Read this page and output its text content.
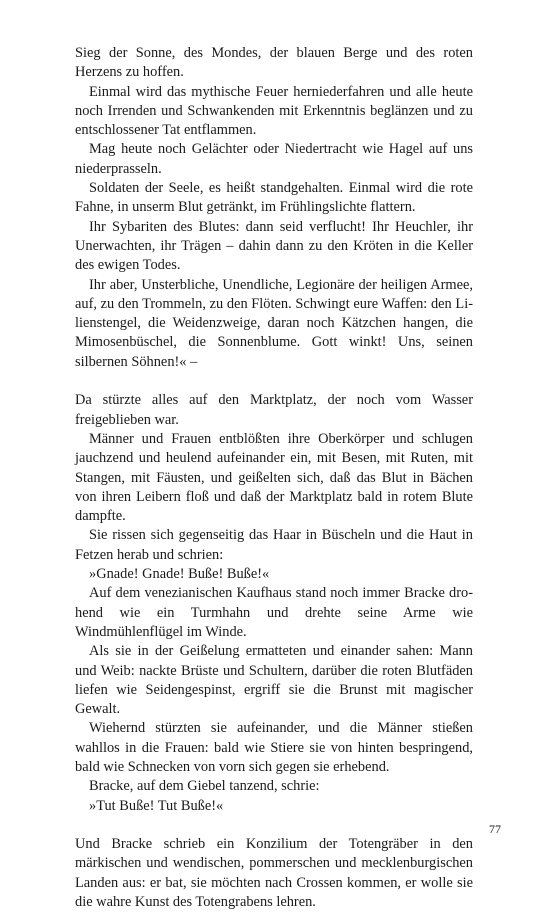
Sieg der Sonne, des Mondes, der blauen Berge und des roten Herzens zu hoffen.

Einmal wird das mythische Feuer herniederfahren und alle heute noch Irrenden und Schwankenden mit Erkenntnis beglänzen und zu entschlossener Tat entflammen.

Mag heute noch Gelächter oder Niedertracht wie Hagel auf uns niederprasseln.

Soldaten der Seele, es heißt standgehalten. Einmal wird die rote Fahne, in unserm Blut getränkt, im Frühlingslichte flattern.

Ihr Sybariten des Blutes: dann seid verflucht! Ihr Heuchler, ihr Unerwachten, ihr Trägen – dahin dann zu den Kröten in die Keller des ewigen Todes.

Ihr aber, Unsterbliche, Unendliche, Legionäre der heiligen Armee, auf, zu den Trommeln, zu den Flöten. Schwingt eure Waffen: den Lilienstengel, die Weidenzweige, daran noch Kätzchen hangen, die Mimosenbüschel, die Sonnenblume. Gott winkt! Uns, seinen silbernen Söhnen!« –

Da stürzte alles auf den Marktplatz, der noch vom Wasser freigeblieben war.

Männer und Frauen entblößten ihre Oberkörper und schlugen jauchzend und heulend aufeinander ein, mit Besen, mit Ruten, mit Stangen, mit Fäusten, und geißelten sich, daß das Blut in Bächen von ihren Leibern floß und daß der Marktplatz bald in rotem Blute dampfte.

Sie rissen sich gegenseitig das Haar in Büscheln und die Haut in Fetzen herab und schrien:

»Gnade! Gnade! Buße! Buße!«

Auf dem venezianischen Kaufhaus stand noch immer Bracke drohend wie ein Turmhahn und drehte seine Arme wie Windmühlenflügel im Winde.

Als sie in der Geißelung ermatteten und einander sahen: Mann und Weib: nackte Brüste und Schultern, darüber die roten Blutfäden liefen wie Seidengespinst, ergriff sie die Brunst mit magischer Gewalt.

Wiehernd stürzten sie aufeinander, und die Männer stießen wahllos in die Frauen: bald wie Stiere sie von hinten bespringend, bald wie Schnecken von vorn sich gegen sie erhebend.

Bracke, auf dem Giebel tanzend, schrie:

»Tut Buße! Tut Buße!«

Und Bracke schrieb ein Konzilium der Totengräber in den märkischen und wendischen, pommerschen und mecklenburgischen Landen aus: er bat, sie möchten nach Crossen kommen, er wolle sie die wahre Kunst des Totengrabens lehren.

77
